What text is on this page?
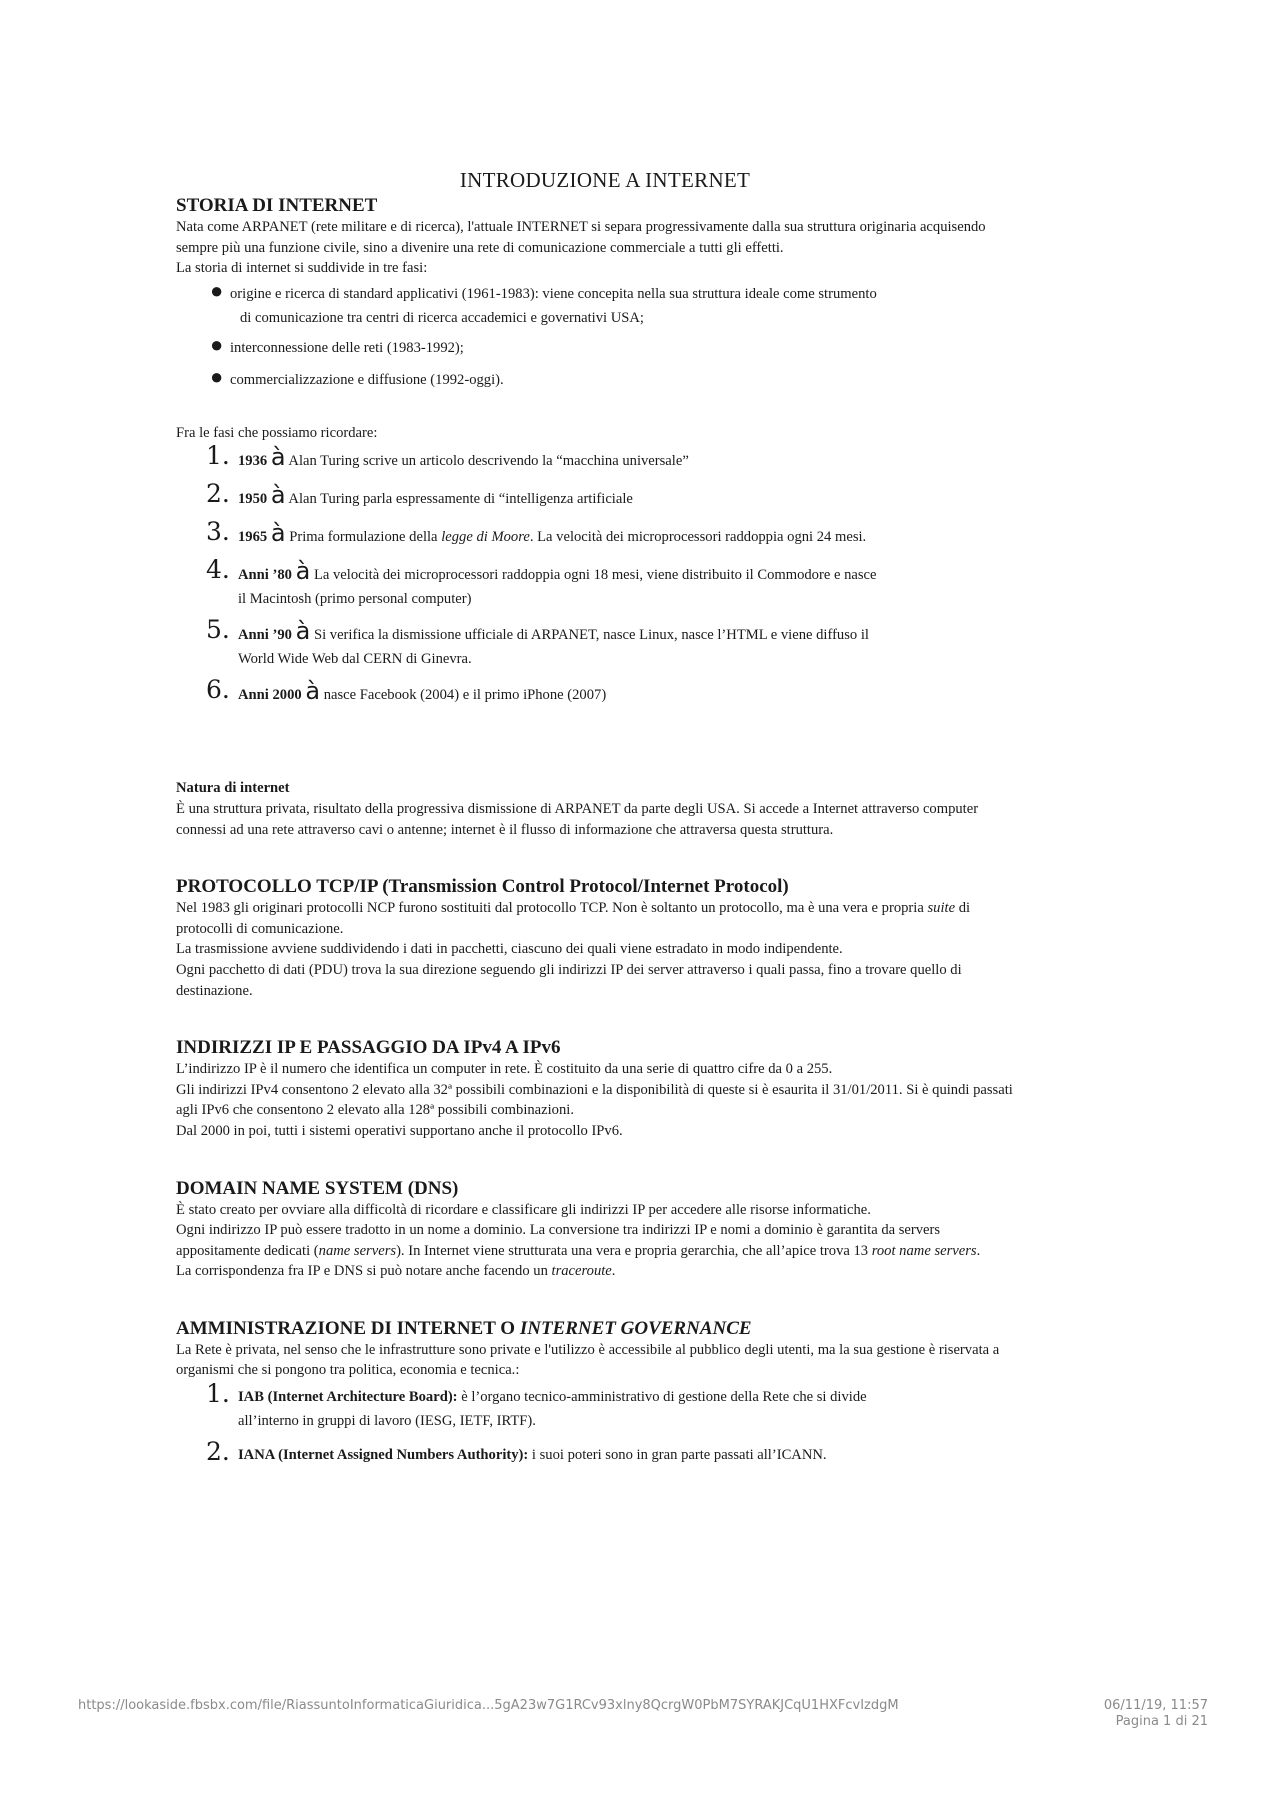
INTRODUZIONE A INTERNET
STORIA DI INTERNET

Nata come ARPANET (rete militare e di ricerca), l'attuale INTERNET si separa progressivamente dalla sua struttura originaria acquisendo sempre più una funzione civile, sino a divenire una rete di comunicazione commerciale a tutti gli effetti.

La storia di internet si suddivide in tre fasi:

● origine e ricerca di standard applicativi (1961-1983): viene concepita nella sua struttura ideale come strumento
di comunicazione tra centri di ricerca accademici e governativi USA;
● interconnessione delle reti (1983-1992);
● commercializzazione e diffusione (1992-oggi).

Fra le fasi che possiamo ricordare:

1. 1936 à Alan Turing scrive un articolo descrivendo la “macchina universale”
2. 1950 à Alan Turing parla espressamente di “intelligenza artificiale
3. 1965 à Prima formulazione della legge di Moore. La velocità dei microprocessori raddoppia ogni 24 mesi.
4. Anni ’80 à La velocità dei microprocessori raddoppia ogni 18 mesi, viene distribuito il Commodore e nasce
il Macintosh (primo personal computer)
5. Anni ’90 à Si verifica la dismissione ufficiale di ARPANET, nasce Linux, nasce l’HTML e viene diffuso il
World Wide Web dal CERN di Ginevra.
6. Anni 2000 à nasce Facebook (2004) e il primo iPhone (2007)

Natura di internet

È una struttura privata, risultato della progressiva dismissione di ARPANET da parte degli USA. Si accede a Internet attraverso computer connessi ad una rete attraverso cavi o antenne; internet è il flusso di informazione che attraversa questa struttura.

PROTOCOLLO TCP/IP (Transmission Control Protocol/Internet Protocol)

Nel 1983 gli originari protocolli NCP furono sostituiti dal protocollo TCP. Non è soltanto un protocollo, ma è una vera e propria suite di protocolli di comunicazione.

La trasmissione avviene suddividendo i dati in pacchetti, ciascuno dei quali viene estradato in modo indipendente.

Ogni pacchetto di dati (PDU) trova la sua direzione seguendo gli indirizzi IP dei server attraverso i quali passa, fino a trovare quello di destinazione.

INDIRIZZI IP E PASSAGGIO DA IPv4 A IPv6

L’indirizzo IP è il numero che identifica un computer in rete. È costituito da una serie di quattro cifre da 0 a 255.

Gli indirizzi IPv4 consentono 2 elevato alla 32ª possibili combinazioni e la disponibilità di queste si è esaurita il 31/01/2011. Si è quindi passati agli IPv6 che consentono 2 elevato alla 128ª possibili combinazioni.

Dal 2000 in poi, tutti i sistemi operativi supportano anche il protocollo IPv6.

DOMAIN NAME SYSTEM (DNS)

È stato creato per ovviare alla difficoltà di ricordare e classificare gli indirizzi IP per accedere alle risorse informatiche.

Ogni indirizzo IP può essere tradotto in un nome a dominio. La conversione tra indirizzi IP e nomi a dominio è garantita da servers appositamente dedicati (name servers). In Internet viene strutturata una vera e propria gerarchia, che all’apice trova 13 root name servers.

La corrispondenza fra IP e DNS si può notare anche facendo un traceroute.

AMMINISTRAZIONE DI INTERNET O INTERNET GOVERNANCE

La Rete è privata, nel senso che le infrastrutture sono private e l'utilizzo è accessibile al pubblico degli utenti, ma la sua gestione è riservata a organismi che si pongono tra politica, economia e tecnica.:

1. IAB (Internet Architecture Board): è l’organo tecnico-amministrativo di gestione della Rete che si divide
all’interno in gruppi di lavoro (IESG, IETF, IRTF).
2. IANA (Internet Assigned Numbers Authority): i suoi poteri sono in gran parte passati all’ICANN.
https://lookaside.fbsbx.com/file/RiassuntoInformaticaGiuridica...5gA23w7G1RCv93xlny8QcrgW0PbM7SYRAKJCqU1HXFcvIzdgM	06/11/19, 11:57
Pagina 1 di 21
